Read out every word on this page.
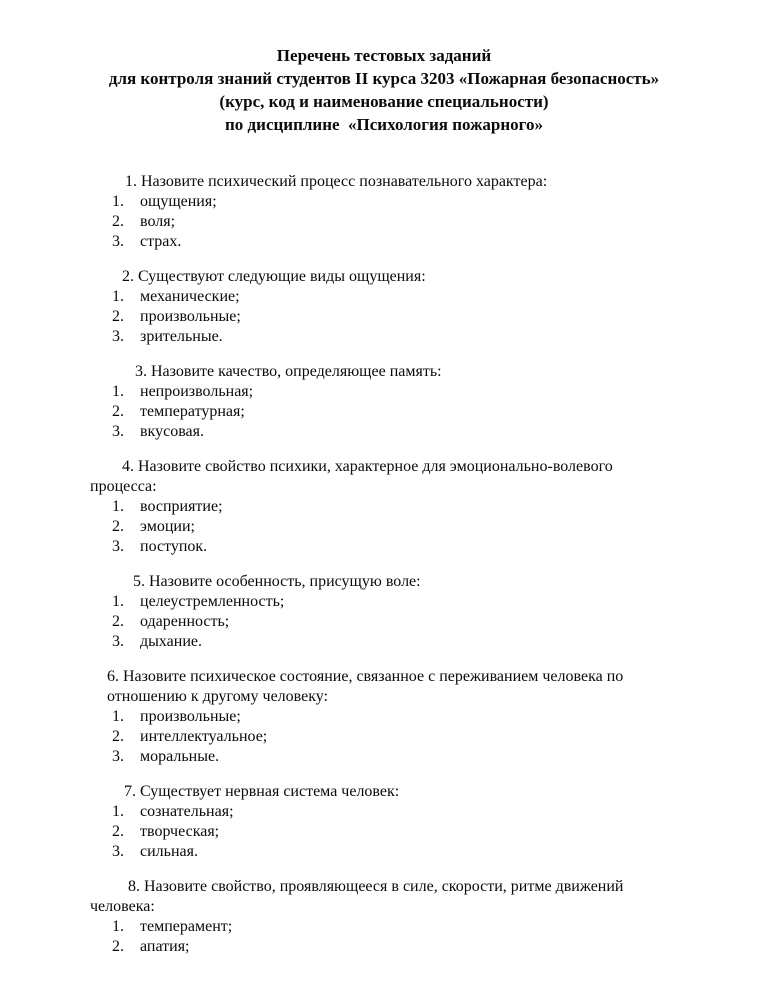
Перечень тестовых заданий
для контроля знаний студентов II курса 3203 «Пожарная безопасность»
(курс, код и наименование специальности)
по дисциплине  «Психология пожарного»

1. Назовите психический процесс познавательного характера:

1.	ощущения;
2.	воля;
3.	страх.

2. Существуют следующие виды ощущения:

1.	механические;
2.	произвольные;
3.	зрительные.

3. Назовите качество, определяющее память:

1.	непроизвольная;
2.	температурная;
3.	вкусовая.

4. Назовите свойство психики, характерное для эмоционально-волевого
процесса:

1.	восприятие;
2.	эмоции;
3.	поступок.

5. Назовите особенность, присущую воле:

1.	целеустремленность;
2.	одаренность;
3.	дыхание.

6. Назовите психическое состояние, связанное с переживанием человека по
отношению к другому человеку:

1.	произвольные;
2.	интеллектуальное;
3.	моральные.

7. Существует нервная система человек:

1.	сознательная;
2.	творческая;
3.	сильная.

8. Назовите свойство, проявляющееся в силе, скорости, ритме движений
человека:

1.	темперамент;
2.	апатия;
